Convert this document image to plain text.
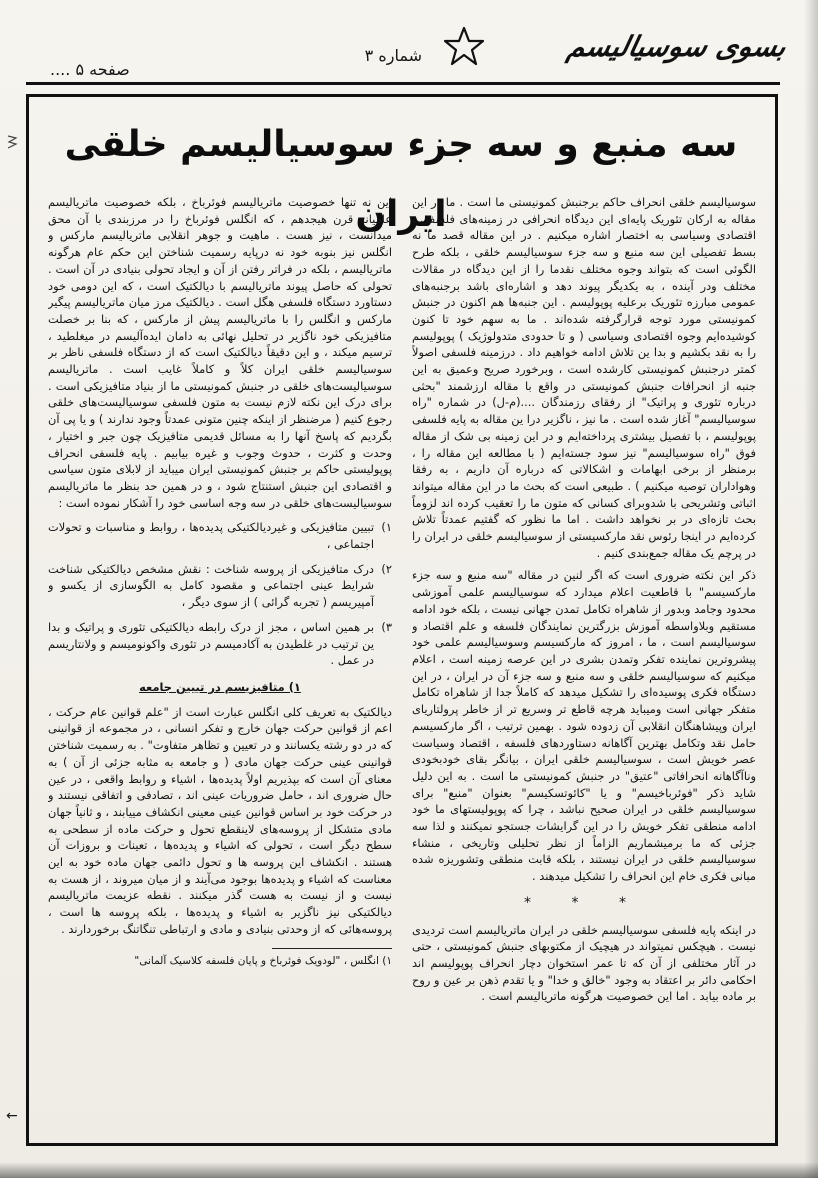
بسوی سوسیالیسم
شماره ۳
صفحه ۵ ....
سه منبع و سه جزء سوسیالیسم خلقی ایران

سوسیالیسم خلقی انحراف حاکم برجنبش کمونیستی ما است . ما در این مقاله به ارکان تئوریک پایه‌ای این دیدگاه انحرافی در زمینه‌های فلسفی ، اقتصادی وسیاسی به اختصار اشاره میکنیم . در این مقاله قصد ما نه بسط تفصیلی این سه منبع و سه جزء سوسیالیسم خلقی ، بلکه طرح الگوئی است که بتواند وجوه مختلف نقدما را از این دیدگاه در مقالات مختلف ودر آینده ، به یکدیگر پیوند دهد و اشاره‌ای باشد برجنبه‌های عمومی مبارزه تئوریک برعلیه پوپولیسم . این جنبه‌ها هم اکنون در جنبش کمونیستی مورد توجه قرارگرفته شده‌اند . ما به سهم خود تا کنون کوشیده‌ایم وجوه اقتصادی وسیاسی ( و تا حدودی متدولوژیک ) پوپولیسم را به نقد بکشیم و بدا ین تلاش ادامه خواهیم داد . درزمینه فلسفی اصولاً کمتر درجنبش کمونیستی کارشده است ، وبرخورد صریح وعمیق به این جنبه از انحرافات جنبش کمونیستی در واقع با مقاله ارزشمند "بحثی درباره تئوری و پراتیک" از رفقای رزمندگان ....(م-ل) در شماره "راه سوسیالیسم" آغاز شده است . ما نیز ، ناگزیر درا ین مقاله به پایه فلسفی پوپولیسم ، با تفصیل بیشتری پرداخته‌ایم و در این زمینه بی شک از مقاله فوق "راه سوسیالیسم" نیز سود جسته‌ایم ( با مطالعه این مقاله را ، برمنظر از برخی ابهامات و اشکالاتی که درباره آن داریم ، به رفقا وهواداران توصیه میکنیم ) . طبیعی است که بحث ما در این مقاله میتواند اثباتی وتشریحی با شدوبرای کسانی که متون ما را تعقیب کرده اند لزوماً بحث تازه‌ای در بر نخواهد داشت . اما ما نظور که گفتیم عمدتاً تلاش کرده‌ایم در اینجا رئوس نقد مارکسیستی از سوسیالیسم خلقی در ایران را در پرچم یک مقاله جمع‌بندی کنیم .

ذکر این نکته ضروری است که اگر لنین در مقاله "سه منبع و سه جزء مارکسیسم" با قاطعیت اعلام میدارد که سوسیالیسم علمی آموزشی محدود وجامد وبدور از شاهراه تکامل تمدن جهانی نیست ، بلکه خود ادامه مستقیم وبلاواسطه آموزش بزرگترین نمایندگان فلسفه و علم اقتصاد و سوسیالیسم است ، ما ، امروز که مارکسیسم وسوسیالیسم علمی خود پیشروترین نماینده تفکر وتمدن بشری در این عرصه زمینه است ، اعلام میکنیم که سوسیالیسم خلقی و سه منبع و سه جزء آن در ایران ، در این دستگاه فکری پوسیده‌ای را تشکیل میدهد که کاملاً جدا از شاهراه تکامل متفکر جهانی است ومیباید هرچه قاطع تر وسریع تر از خاطر پرولتاریای ایران وپیشاهنگان انقلابی آن زدوده شود . بهمین ترتیب ، اگر مارکسیسم حامل نقد وتکامل بهترین آگاهانه دستاوردهای فلسفه ، اقتصاد وسیاست عصر خویش است ، سوسیالیسم خلقی ایران ، بیانگر بقای خودبخودی وناآگاهانه انحرافاتی "عتیق" در جنبش کمونیستی ما است . به این دلیل شاید ذکر "فوئرباخیسم" و یا "کائوتسکیسم" بعنوان "منبع" برای سوسیالیسم خلقی در ایران صحیح نباشد ، چرا که پوپولیستهای ما خود ادامه منطقی تفکر خویش را در این گرایشات جستجو نمیکنند و لذا سه جزئی که ما برمیشماریم الزاماً از نظر تحلیلی وتاریخی ، منشاء سوسیالیسم خلقی در ایران نیستند ، بلکه قابت منطقی وتشوریزه شده مبانی فکری خام این انحراف را تشکیل میدهند .

* * *

در اینکه پایه فلسفی سوسیالیسم خلقی در ایران ماتریالیسم است تردیدی نیست . هیچکس نمیتواند در هیچیک از مکتوبهای جنبش کمونیستی ، حتی در آثار مختلفی از آن که تا عمر استخوان دچار انحراف پوپولیسم اند احکامی دائر بر اعتقاد به وجود "خالق و خدا" و یا تقدم ذهن بر عین و روح بر ماده بیابد . اما این خصوصیت هرگونه ماتریالیسم است .

این نه تنها خصوصیت ماتریالیسم فوئرباخ ، بلکه خصوصیت ماتریالیسم عامیانه قرن هیجدهم ، که انگلس فوئرباخ را در مرزبندی با آن محق میدانست ، نیز هست . ماهیت و جوهر انقلابی ماتریالیسم مارکس و انگلس نیز بنوبه خود نه درپایه رسمیت شناختن این حکم عام هرگونه ماتریالیسم ، بلکه در فراتر رفتن از آن و ایجاد تحولی بنیادی در آن است . تحولی که حاصل پیوند ماتریالیسم با دیالکتیک است ، که این دومی خود دستاورد دستگاه فلسفی هگل است . دیالکتیک مرز میان ماتریالیسم پیگیر مارکس و انگلس را با ماتریالیسم پیش از مارکس ، که بنا بر خصلت متافیزیکی خود ناگزیر در تحلیل نهائی به دامان ایده‌آلیسم در میغلطید ، ترسیم میکند ، و این دقیقاً دیالکتیک است که از دستگاه فلسفی ناظر بر سوسیالیسم خلقی ایران کلاً و کاملاً غایب است . ماتریالیسم سوسیالیست‌های خلقی در جنبش کمونیستی ما از بنیاد متافیزیکی است . برای درک این نکته لازم نیست به متون فلسفی سوسیالیست‌های خلقی رجوع کنیم ( مرضنظر از اینکه چنین متونی عمدتاً وجود ندارند ) و یا پی آن بگردیم که پاسخ آنها را به مسائل قدیمی متافیزیک چون جبر و اختیار ، وحدت و کثرت ، حدوث وجوب و غیره بیابیم . پایه فلسفی انحراف پوپولیستی حاکم بر جنبش کمونیستی ایران میباید از لابلای متون سیاسی و اقتصادی این جنبش استنتاج شود ، و در همین حد بنظر ما ماتریالیسم سوسیالیست‌های خلقی در سه وجه اساسی خود را آشکار نموده است :

۱)
تبیین متافیزیکی و غیردیالکتیکی پدیده‌ها ، روابط و مناسبات و تحولات اجتماعی ،
۲)
درک متافیزیکی از پروسه شناخت : نقش مشخص دیالکتیکی شناخت شرایط عینی اجتماعی و مقصود کامل به الگوسازی از یکسو و آمپیریسم ( تجربه گرائی ) از سوی دیگر ،
۳)
بر همین اساس ، مجز از درک رابطه دیالکتیکی تئوری و پراتیک و بدا ین ترتیب در غلطیدن به آکادمیسم در تئوری واکونومیسم و ولانتاریسم در عمل .
۱) متافیزیسم در تبیین جامعه

دیالکتیک به تعریف کلی انگلس عبارت است از "علم قوانین عام حرکت ، اعم از قوانین حرکت جهان خارج و تفکر انسانی ، در مجموعه از قوانینی که در دو رشته یکسانند و در تعیین و تظاهر متفاوت" . به رسمیت شناختن قوانینی عینی حرکت جهان مادی ( و جامعه به مثابه جزئی از آن ) به معنای آن است که بپذیریم اولاً پدیده‌ها ، اشیاء و روابط واقعی ، در عین حال ضروری اند ، حامل ضروریات عینی اند ، تصادفی و اتفاقی نیستند و در حرکت خود بر اساس قوانین عینی معینی انکشاف مییابند ، و ثانیاً جهان مادی متشکل از پروسه‌های لاینقطع تحول و حرکت ماده از سطحی به سطح دیگر است ، تحولی که اشیاء و پدیده‌ها ، تعینات و بروزات آن هستند . انکشاف این پروسه ها و تحول دائمی جهان ماده خود به این معناست که اشیاء و پدیده‌ها بوجود می‌آیند و از میان میروند ، از هست به نیست و از نیست به هست گذر میکنند . نقطه عزیمت ماتریالیسم دیالکتیکی نیز ناگزیر به اشیاء و پدیده‌ها ، بلکه پروسه ها است ، پروسه‌هائی که از وحدتی بنیادی و مادی و ارتباطی تنگاتنگ برخوردارند .

۱) انگلس ، "لودویک فوئرباخ و پایان فلسفه کلاسیک آلمانی"
←
